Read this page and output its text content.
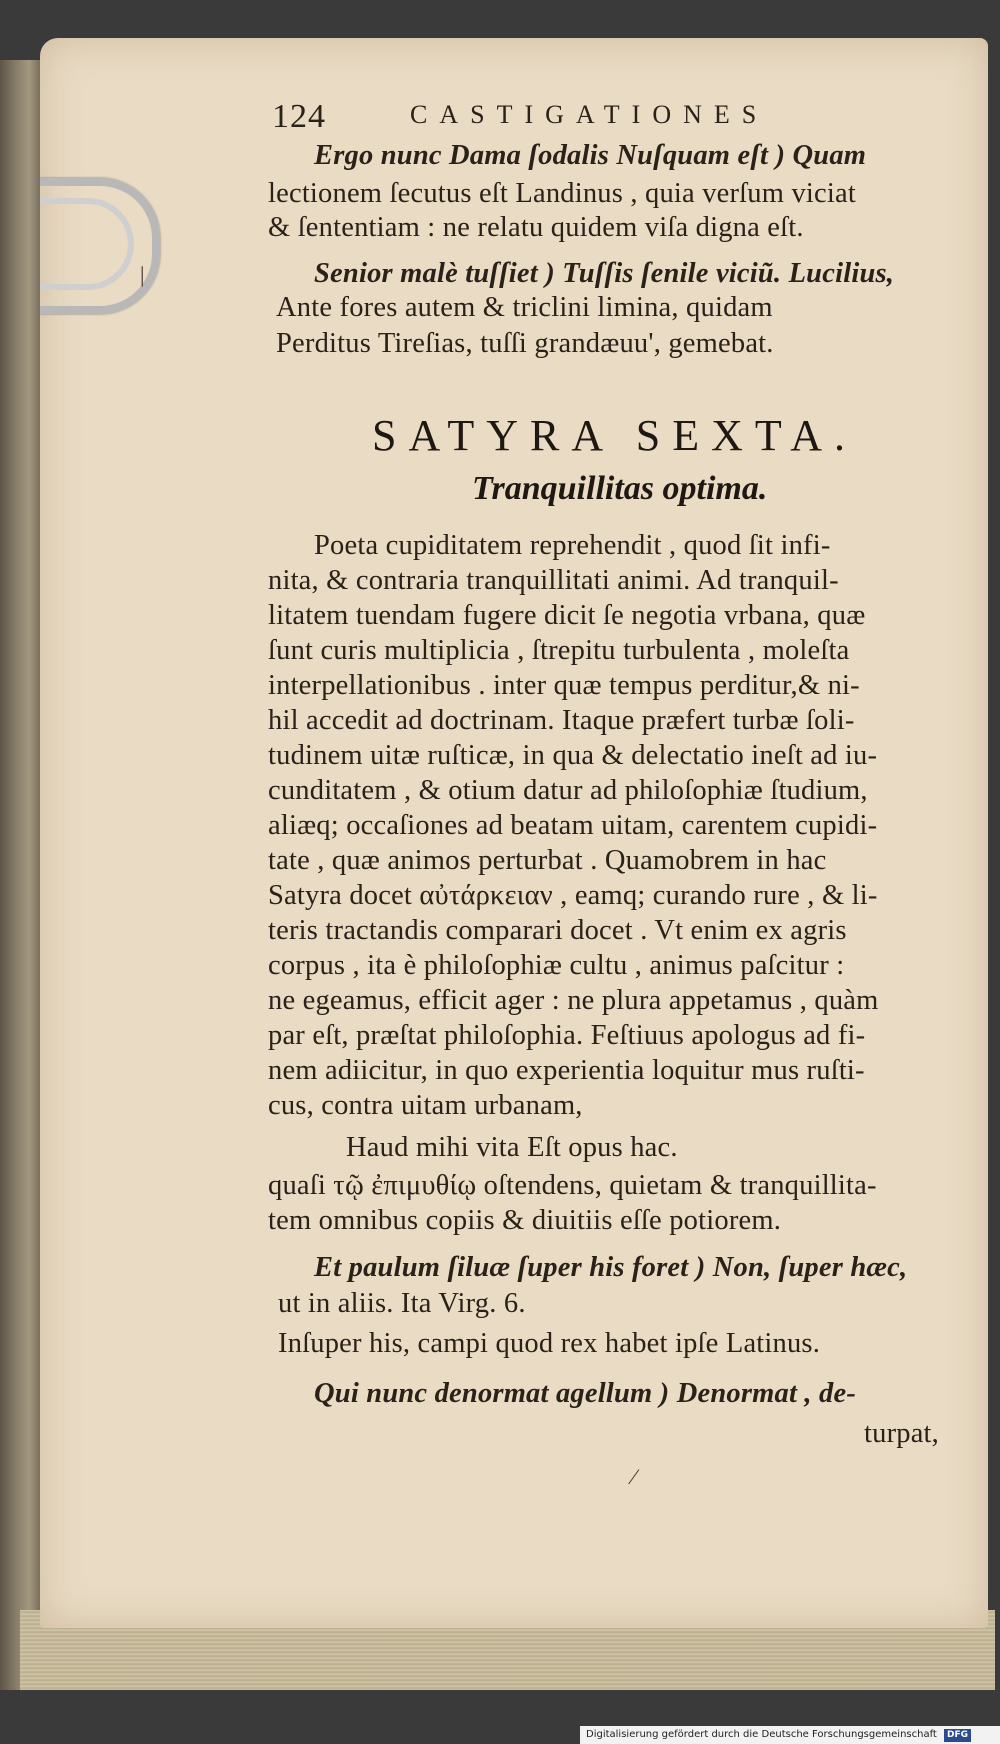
124	CASTIGATIONES
Ergo nunc Dama ſodalis Nuſquam eſt ) Quam
lectionem ſecutus eſt Landinus , quia verſum viciat
& ſententiam : ne relatu quidem viſa digna eſt.
Senior malè tuſſiet ) Tuſſis ſenile viciũ. Lucilius,
Ante fores autem & triclini limina, quidam
Perditus Tireſias, tuſſi grandæuu', gemebat.
Poeta cupiditatem reprehendit , quod ſit infi-
nita, & contraria tranquillitati animi. Ad tranquil-
litatem tuendam fugere dicit ſe negotia vrbana, quæ
ſunt curis multiplicia , ſtrepitu turbulenta , moleſta
interpellationibus . inter quæ tempus perditur,& ni-
hil accedit ad doctrinam. Itaque præfert turbæ ſoli-
tudinem uitæ ruſticæ, in qua & delectatio ineſt ad iu-
cunditatem , & otium datur ad philoſophiæ ſtudium,
aliæq; occaſiones ad beatam uitam, carentem cupidi-
tate , quæ animos perturbat . Quamobrem in hac
Satyra docet αὐτάρκειαν , eamq; curando rure , & li-
teris tractandis comparari docet . Vt enim ex agris
corpus , ita è philoſophiæ cultu , animus paſcitur :
ne egeamus, efficit ager : ne plura appetamus , quàm
par eſt, præſtat philoſophia. Feſtiuus apologus ad fi-
nem adiicitur, in quo experientia loquitur mus ruſti-
cus, contra uitam urbanam,
Haud mihi vita Eſt opus hac.
quaſi τῷ ἐπιμυθίῳ oſtendens, quietam & tranquillita-
tem omnibus copiis & diuitiis eſſe potiorem.
Et paulum ſiluæ ſuper his foret ) Non, ſuper hæc,
ut in aliis. Ita Virg. 6.
Inſuper his, campi quod rex habet ipſe Latinus.
Qui nunc denormat agellum ) Denormat , de-
turpat,
SATYRA SEXTA.
Tranquillitas optima.
|
⁄
Digitalisierung gefördert durch die Deutsche Forschungsgemeinschaft DFG
